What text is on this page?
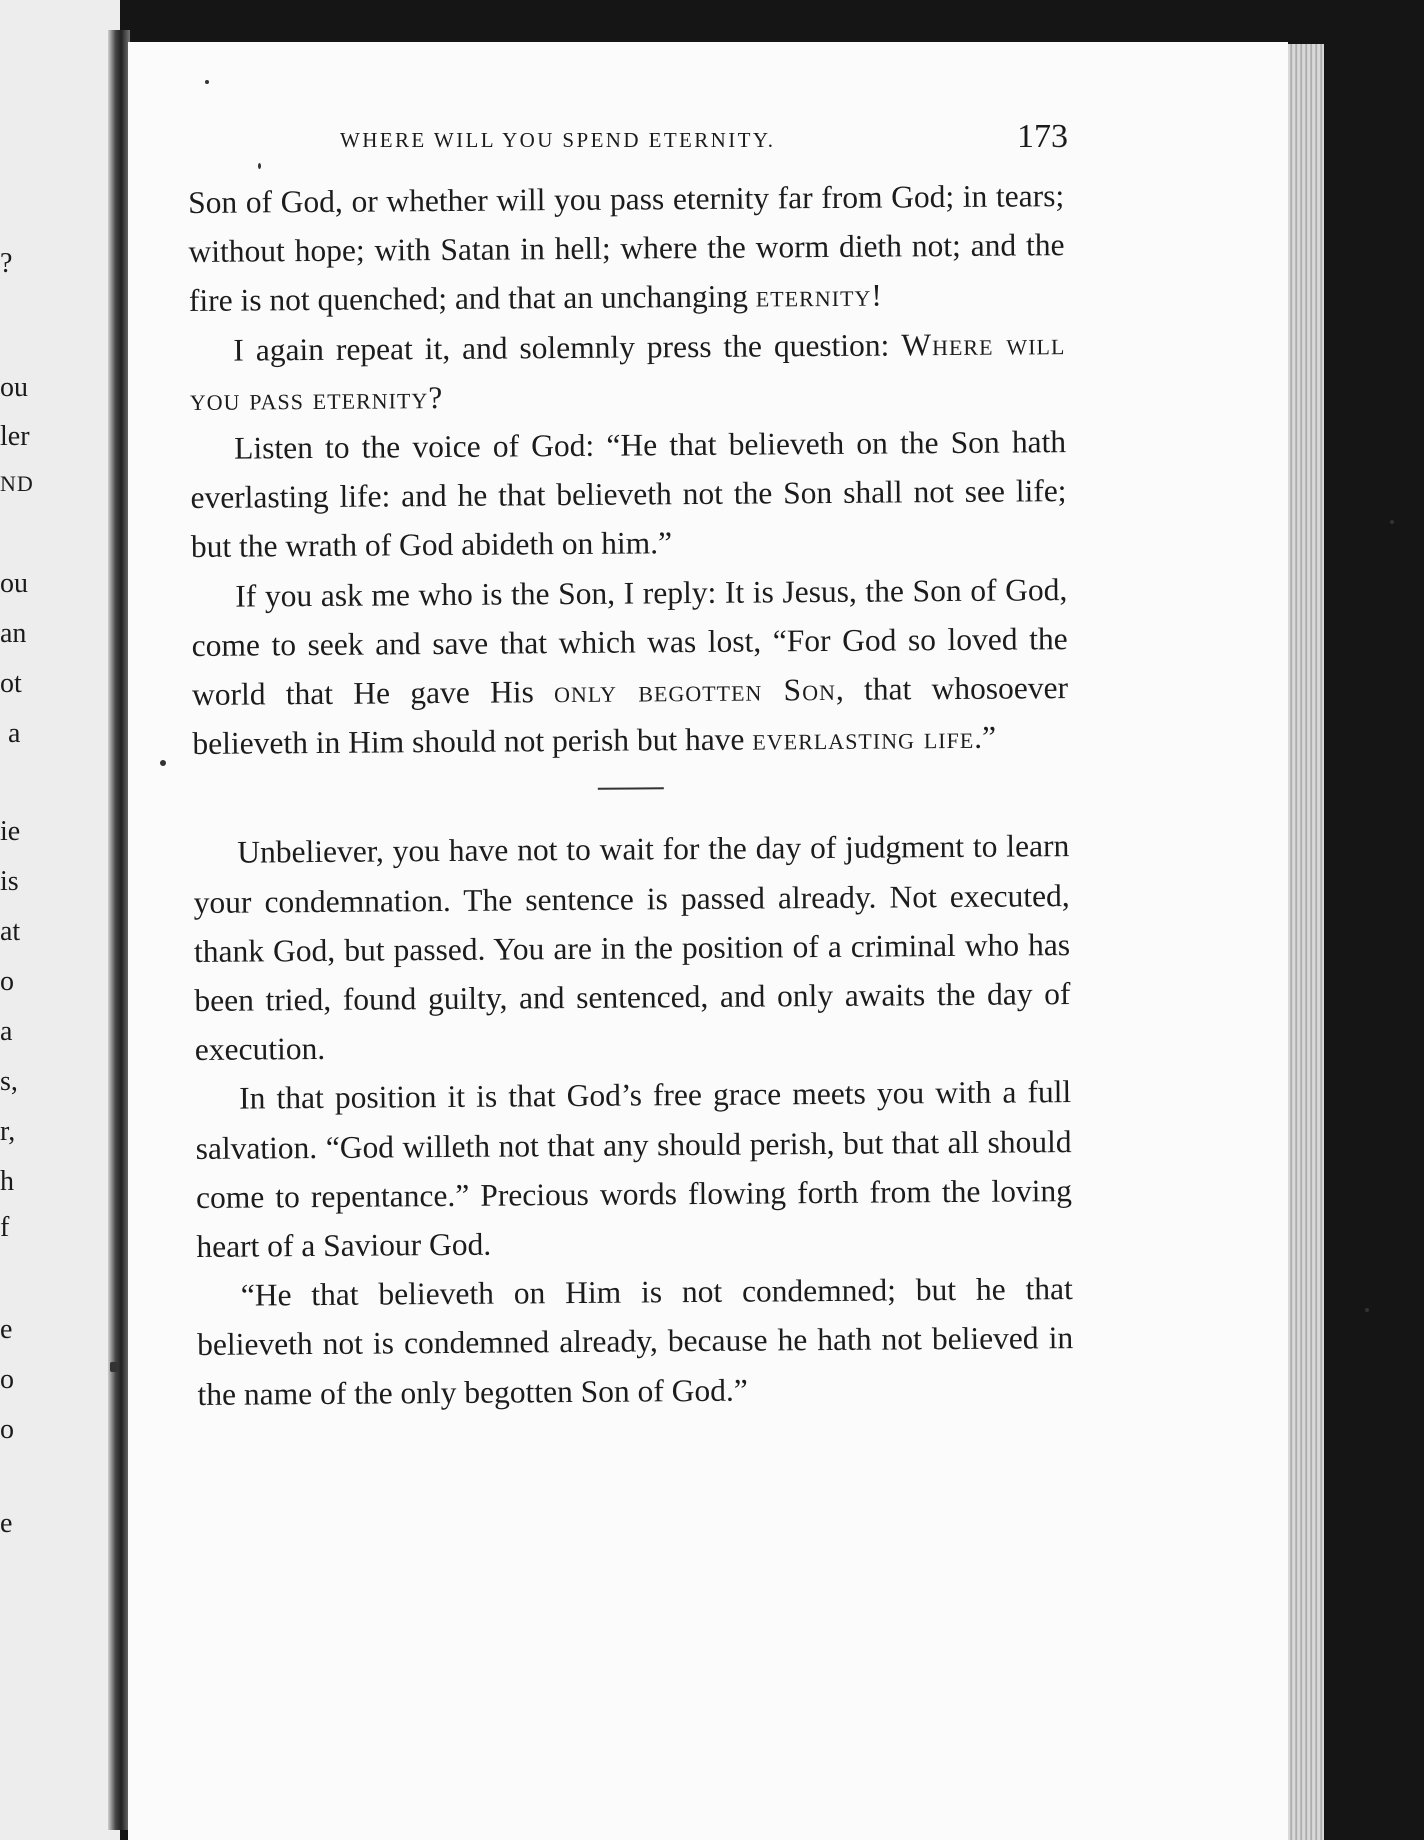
?
ou
ler
ND
ou
an
ot
a
ie
is
at
o
a
s,
r,
h
f
e
o
o
e
WHERE WILL YOU SPEND ETERNITY.	173

Son of God, or whether will you pass eternity far from God; in tears; without hope; with Satan in hell; where the worm dieth not; and the fire is not quenched; and that an unchanging eternity!

I again repeat it, and solemnly press the question: Where will you pass eternity?

Listen to the voice of God: “He that believeth on the Son hath everlasting life: and he that believeth not the Son shall not see life; but the wrath of God abideth on him.”

If you ask me who is the Son, I reply: It is Jesus, the Son of God, come to seek and save that which was lost, “For God so loved the world that He gave His only begotten Son, that whosoever believeth in Him should not perish but have everlasting life.”

Unbeliever, you have not to wait for the day of judgment to learn your condemnation. The sentence is passed already. Not executed, thank God, but passed. You are in the position of a criminal who has been tried, found guilty, and sentenced, and only awaits the day of execution.

In that position it is that God’s free grace meets you with a full salvation. “God willeth not that any should perish, but that all should come to repentance.” Precious words flowing forth from the loving heart of a Saviour God.

“He that believeth on Him is not condemned; but he that believeth not is condemned already, because he hath not believed in the name of the only begotten Son of God.”
